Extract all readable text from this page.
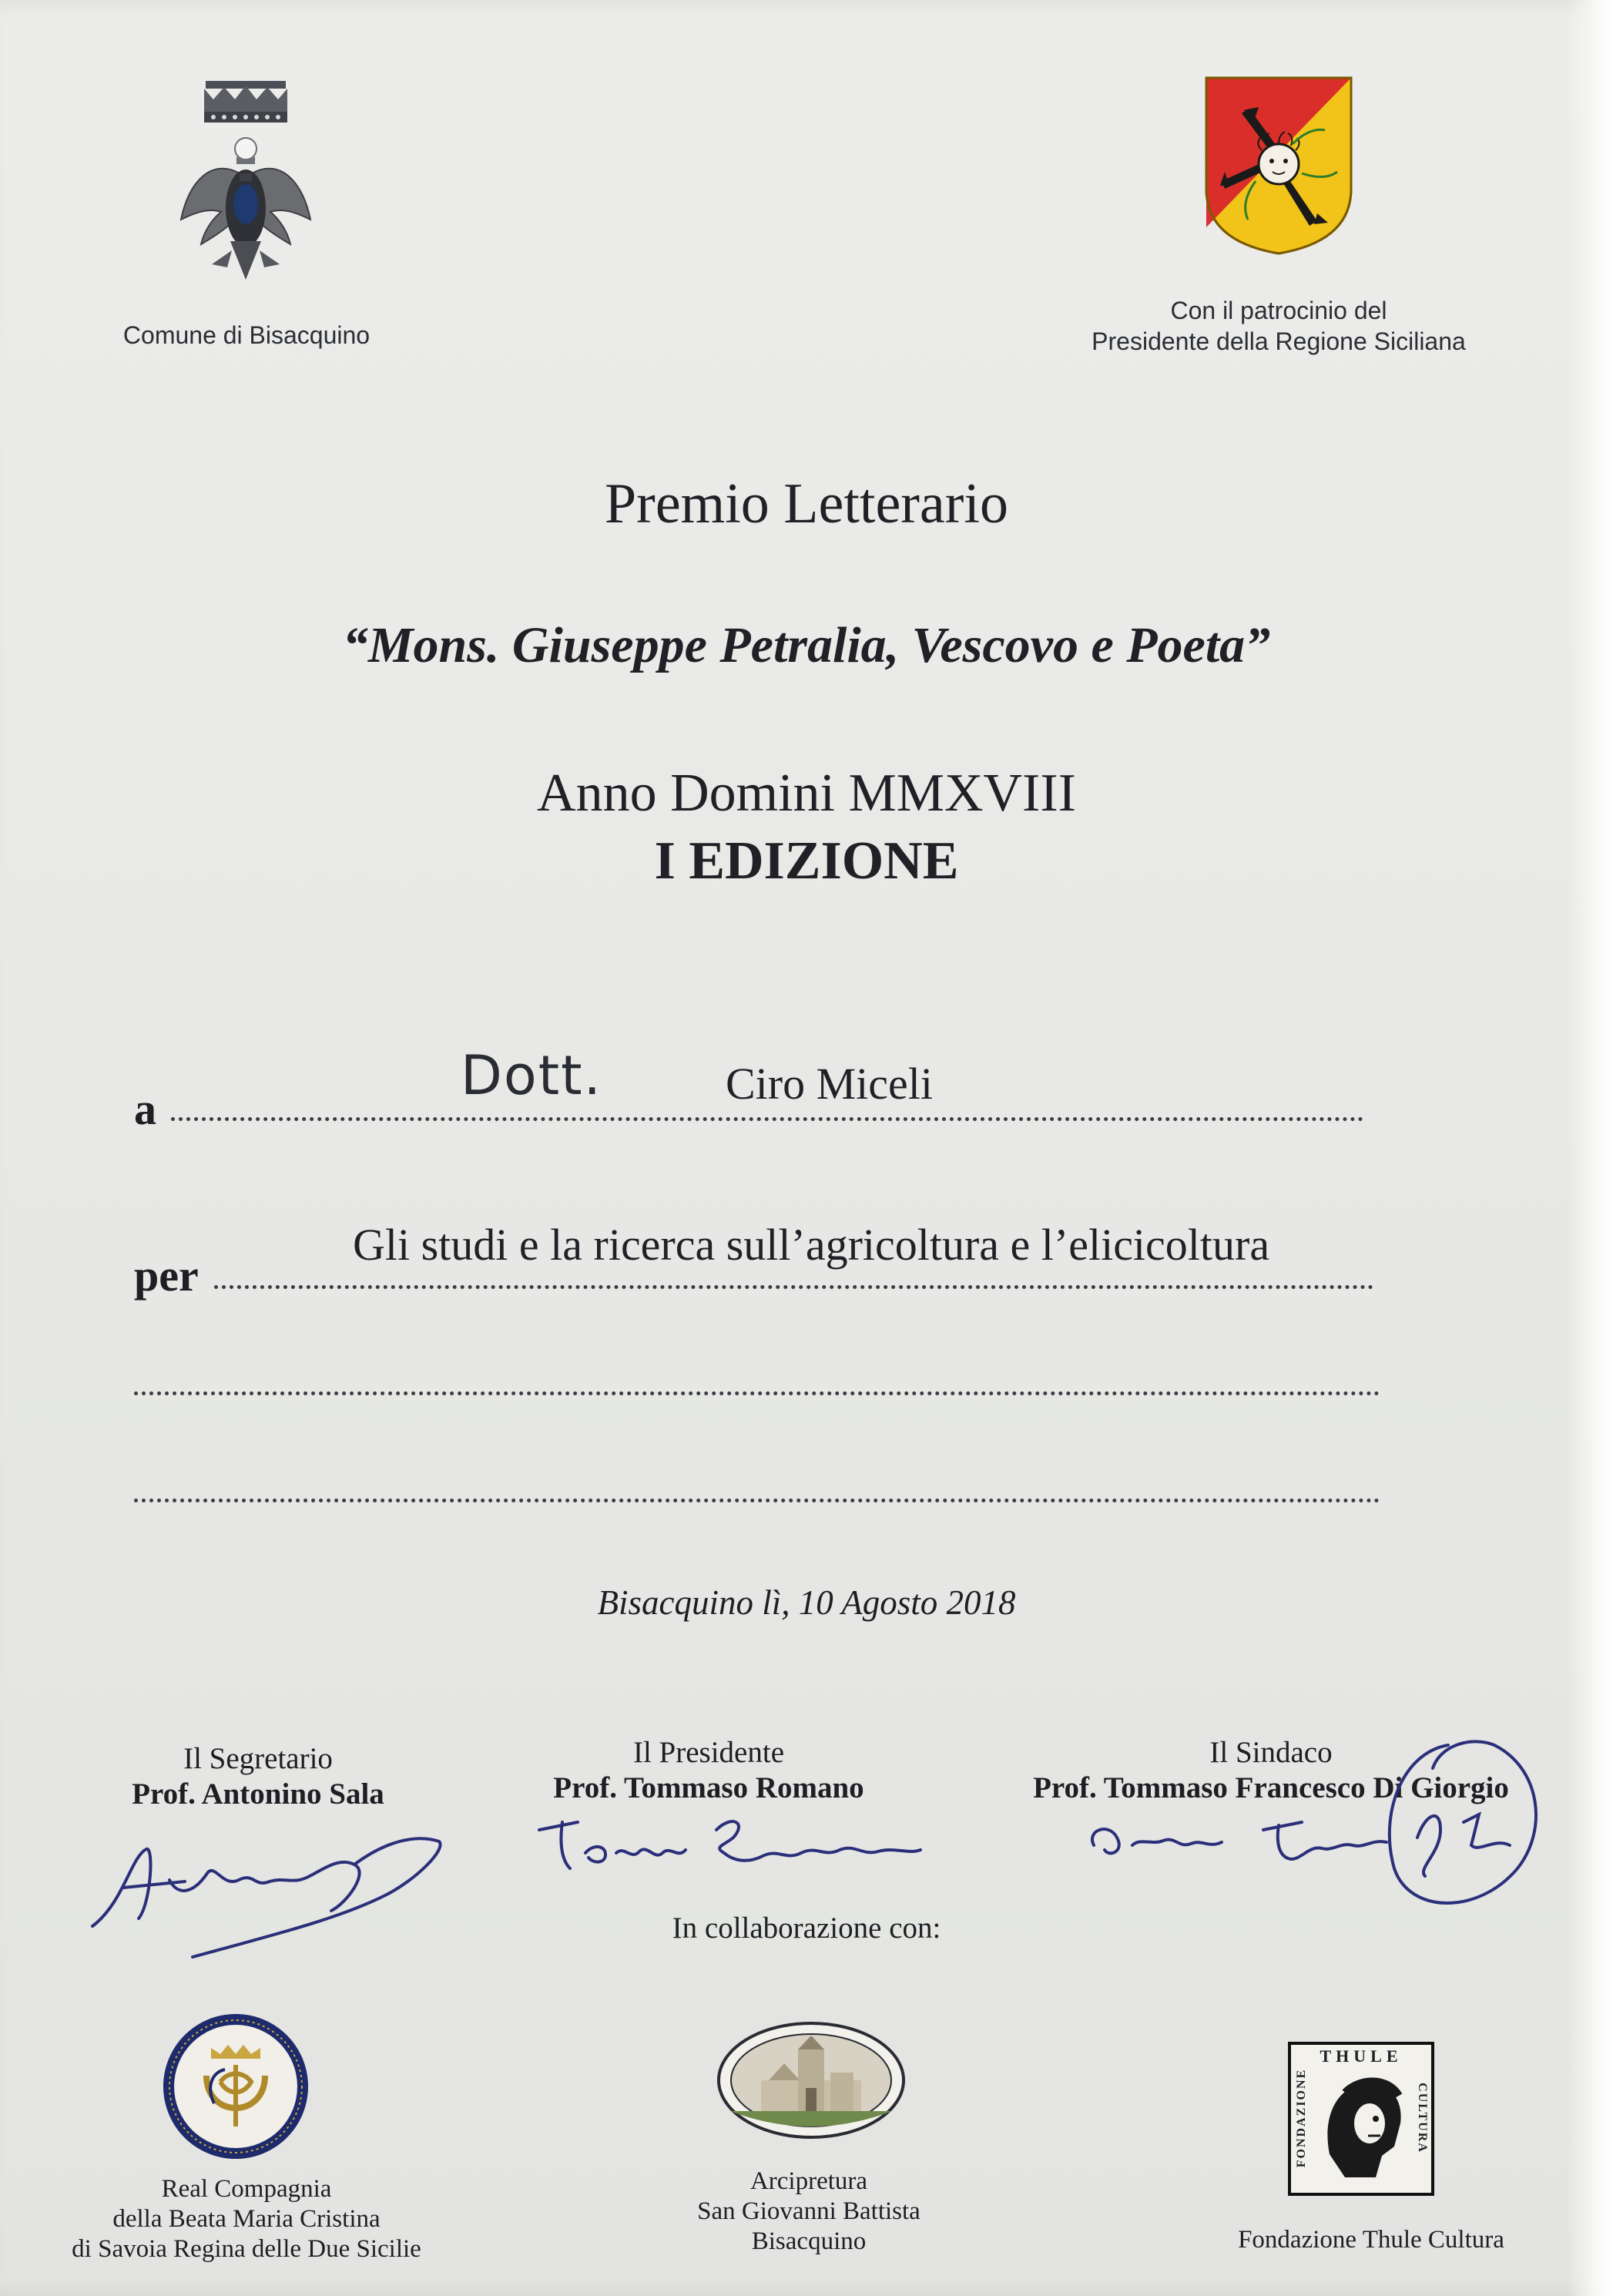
Comune di Bisacquino
Con il patrocinio del
Presidente della Regione Siciliana
Premio Letterario
“Mons. Giuseppe Petralia, Vescovo e Poeta”
Anno Domini MMXVIII
I EDIZIONE
a
Dott.	Ciro Miceli
per
Gli studi e la ricerca sull’agricoltura e l’elicicoltura
Bisacquino lì, 10 Agosto 2018
Il Segretario
Prof. Antonino Sala
Il Presidente
Prof. Tommaso Romano
Il Sindaco
Prof. Tommaso Francesco Di Giorgio
In collaborazione con:
Real Compagnia
della Beata Maria Cristina
di Savoia Regina delle Due Sicilie
Arcipretura
San Giovanni Battista
Bisacquino
THULE
FONDAZIONE	CULTURA
Fondazione Thule Cultura
